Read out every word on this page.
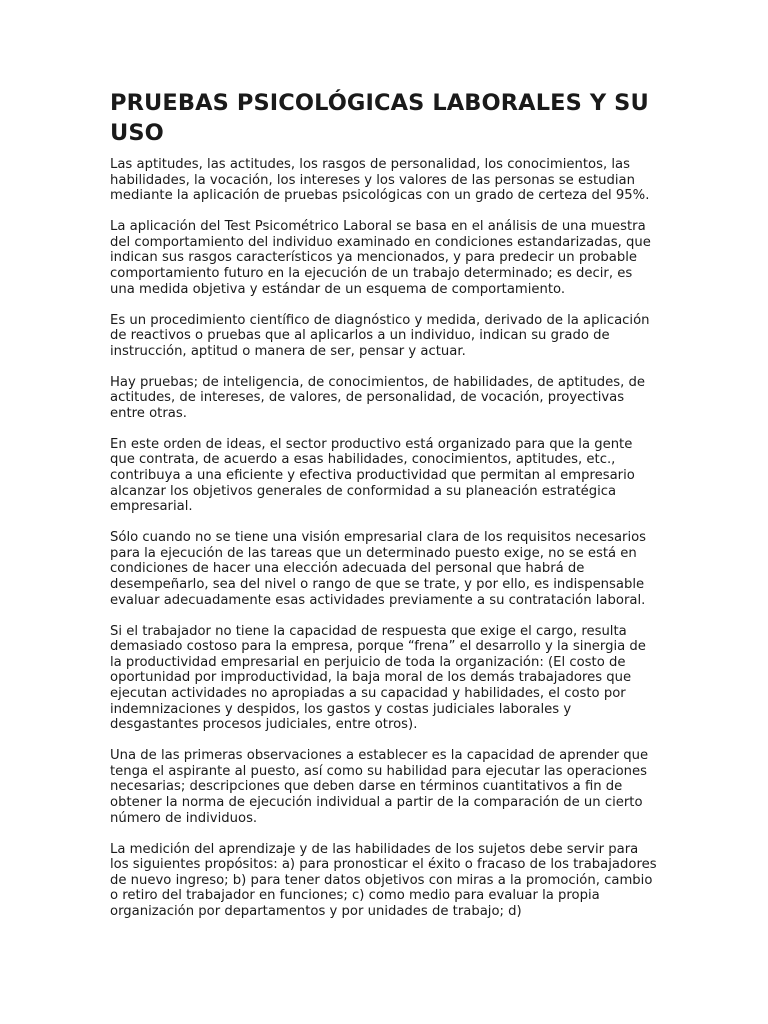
PRUEBAS PSICOLÓGICAS LABORALES Y SU USO

Las aptitudes, las actitudes, los rasgos de personalidad, los conocimientos, las habilidades, la vocación, los intereses y los valores de las personas se estudian mediante la aplicación de pruebas psicológicas con un grado de certeza del 95%.

La aplicación del Test Psicométrico Laboral se basa en el análisis de una muestra del comportamiento del individuo examinado en condiciones estandarizadas, que indican sus rasgos característicos ya mencionados, y para predecir un probable comportamiento futuro en la ejecución de un trabajo determinado; es decir, es una medida objetiva y estándar de un esquema de comportamiento.

Es un procedimiento científico de diagnóstico y medida, derivado de la aplicación de reactivos o pruebas que al aplicarlos a un individuo, indican su grado de instrucción, aptitud o manera de ser, pensar y actuar.

Hay pruebas; de inteligencia, de conocimientos, de habilidades, de aptitudes, de actitudes, de intereses, de valores, de personalidad, de vocación, proyectivas entre otras.

En este orden de ideas, el sector productivo está organizado para que la gente que contrata, de acuerdo a esas habilidades, conocimientos, aptitudes, etc., contribuya a una eficiente y efectiva productividad que permitan al empresario alcanzar los objetivos generales de conformidad a su planeación estratégica empresarial.

Sólo cuando no se tiene una visión empresarial clara de los requisitos necesarios para la ejecución de las tareas que un determinado puesto exige, no se está en condiciones de hacer una elección adecuada del personal que habrá de desempeñarlo, sea del nivel o rango de que se trate, y por ello, es indispensable evaluar adecuadamente esas actividades previamente a su contratación laboral.

Si el trabajador no tiene la capacidad de respuesta que exige el cargo, resulta demasiado costoso para la empresa, porque “frena” el desarrollo y la sinergia de la productividad empresarial en perjuicio de toda la organización: (El costo de oportunidad por improductividad, la baja moral de los demás trabajadores que ejecutan actividades no apropiadas a su capacidad y habilidades, el costo por indemnizaciones y despidos, los gastos y costas judiciales laborales y desgastantes procesos judiciales, entre otros).

Una de las primeras observaciones a establecer es la capacidad de aprender que tenga el aspirante al puesto, así como su habilidad para ejecutar las operaciones necesarias; descripciones que deben darse en términos cuantitativos a fin de obtener la norma de ejecución individual a partir de la comparación de un cierto número de individuos.

La medición del aprendizaje y de las habilidades de los sujetos debe servir para los siguientes propósitos: a) para pronosticar el éxito o fracaso de los trabajadores de nuevo ingreso; b) para tener datos objetivos con miras a la promoción, cambio o retiro del trabajador en funciones; c) como medio para evaluar la propia organización por departamentos y por unidades de trabajo; d)
